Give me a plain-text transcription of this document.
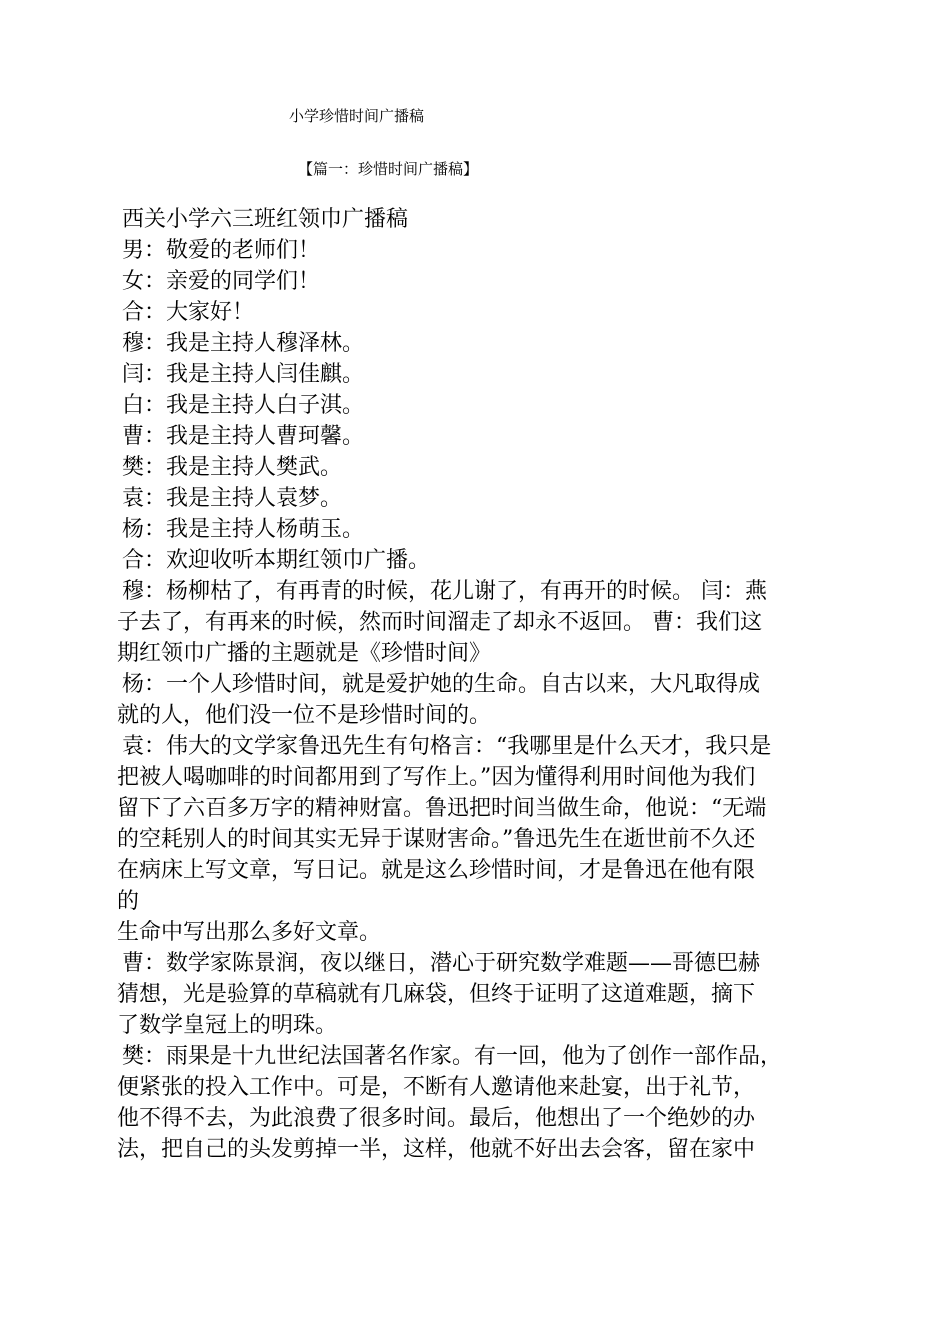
小学珍惜时间广播稿
【篇一：珍惜时间广播稿】
西关小学六三班红领巾广播稿
男：敬爱的老师们！
女：亲爱的同学们！
合：大家好！
穆：我是主持人穆泽林。
闫：我是主持人闫佳麒。
白：我是主持人白子淇。
曹：我是主持人曹珂馨。
樊：我是主持人樊武。
袁：我是主持人袁梦。
杨：我是主持人杨萌玉。
合：欢迎收听本期红领巾广播。
穆：杨柳枯了，有再青的时候，花儿谢了，有再开的时候。 闫：燕
子去了，有再来的时候，然而时间溜走了却永不返回。 曹：我们这
期红领巾广播的主题就是《珍惜时间》
杨：一个人珍惜时间，就是爱护她的生命。自古以来，大凡取得成
就的人，他们没一位不是珍惜时间的。
袁：伟大的文学家鲁迅先生有句格言：“我哪里是什么天才，我只是
把被人喝咖啡的时间都用到了写作上。”因为懂得利用时间他为我们
留下了六百多万字的精神财富。鲁迅把时间当做生命，他说：“无端
的空耗别人的时间其实无异于谋财害命。”鲁迅先生在逝世前不久还
在病床上写文章，写日记。就是这么珍惜时间，才是鲁迅在他有限
的
生命中写出那么多好文章。
曹：数学家陈景润，夜以继日，潜心于研究数学难题——哥德巴赫
猜想，光是验算的草稿就有几麻袋，但终于证明了这道难题，摘下
了数学皇冠上的明珠。
樊：雨果是十九世纪法国著名作家。有一回，他为了创作一部作品，
便紧张的投入工作中。可是，不断有人邀请他来赴宴，出于礼节，
他不得不去，为此浪费了很多时间。最后，他想出了一个绝妙的办
法，把自己的头发剪掉一半，这样，他就不好出去会客，留在家中
